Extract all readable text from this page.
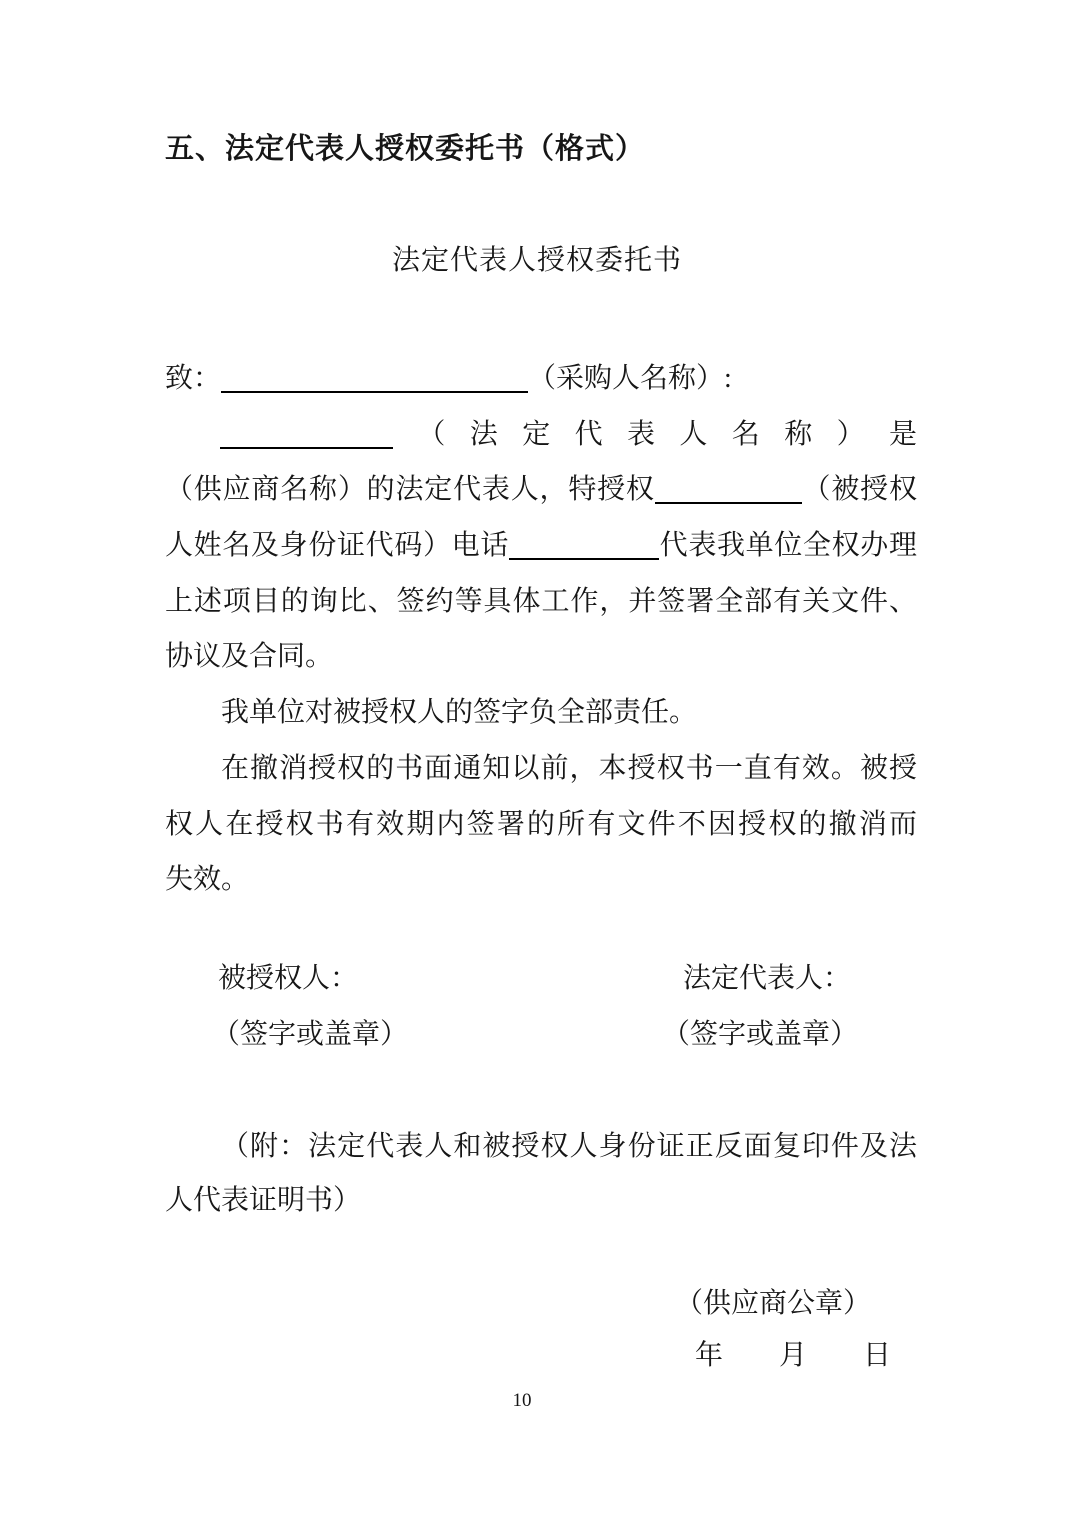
五、法定代表人授权委托书（格式）
法定代表人授权委托书
致：	（采购人名称）:
（法定代表人名称）是
（供应商名称）的法定代表人，特授权	（被授权
人姓名及身份证代码）电话	代表我单位全权办理
上述项目的询比、签约等具体工作，并签署全部有关文件、
协议及合同。
我单位对被授权人的签字负全部责任。
在撤消授权的书面通知以前，本授权书一直有效。被授
权人在授权书有效期内签署的所有文件不因授权的撤消而
失效。
被授权人：	法定代表人：
（签字或盖章）	（签字或盖章）
（附：法定代表人和被授权人身份证正反面复印件及法
人代表证明书）
（供应商公章）
年　　月　　日
10
